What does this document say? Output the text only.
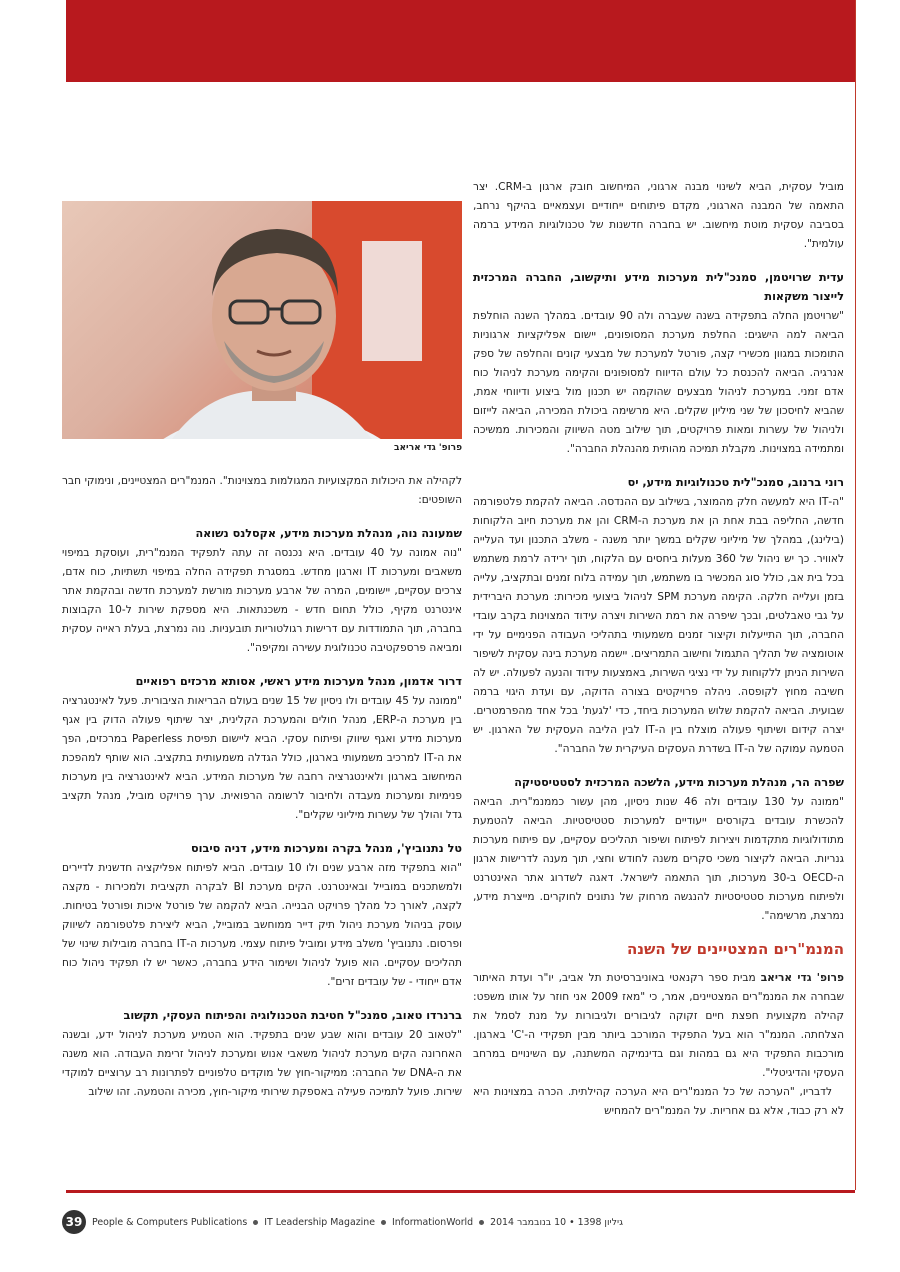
מוביל עסקית, הביא לשינוי מבנה ארגוני, המיחשוב חובק ארגון ב-CRM. יצר התאמה של המבנה הארגוני, מקדם פיתוחים ייחודיים ועצמאיים בהיקף נרחב, בסביבה עסקית מוטת מיחשוב. יש בחברה חדשנות של טכנולוגיות המידע ברמה עולמית".

עדית שרויטמן, סמנכ"לית מערכות מידע ותיקשוב, החברה המרכזית לייצור משקאות
"שרויטמן החלה בתפקידה בשנה שעברה ולה 90 עובדים. במהלך השנה הוחלפת הביאה למה הישגים: החלפת מערכת המסופונים, יישום אפליקציות ארגוניות התומכות במגוון מכשירי קצה, פורטל למערכת של מבצעי קונים והחלפה של ספק אנרגיה. הביאה להכנסת כל עולם הדיווח למסופונים והקימה מערכת לניהול כוח אדם זמני. במערכת לניהול מבצעים שהוקמה יש תכנון מול ביצוע ודיווחי אמת, שהביא לחיסכון של שני מיליון שקלים. היא מרשימה ביכולת המכירה, הביאה לייזום ולניהול של עשרות ומאות פרויקטים, תוך שילוב מטה השיווק והמכירות. ממשיכה ומתמידה במצוינות. מקבלת תמיכה מהותית מהנהלת החברה".

רוני ברנוב, סמנכ"לית טכנולוגיות מידע, יס
"ה-IT היא למעשה חלק מהמוצר, בשילוב עם ההנדסה. הביאה להקמת פלטפורמה חדשה, החליפה בבת אחת הן את מערכת ה-CRM והן את מערכת חיוב הלקוחות (בילינג), במהלך של מיליוני שקלים במשך יותר משנה - משלב התכנון ועד העלייה לאוויר. כך יש ניהול של 360 מעלות ביחסים עם הלקוח, תוך ירידה לרמת משתמש בכל בית אב, כולל סוג המכשיר בו משתמש, תוך עמידה בלוח זמנים ובתקציב, עלייה בזמן ועלייה חלקה. הקימה מערכת SPM לניהול ביצועי מכירות: מערכת היברידית על גבי טאבלטים, ובכך שיפרה את רמת השירות ויצרה עידוד המצוינות בקרב עובדי החברה, תוך התייעלות וקיצור זמנים משמעותי בתהליכי העבודה הפנימיים על ידי אוטומציה של תהליך התגמול וחישוב התמריצים. יישמה מערכת בינה עסקית לשיפור השירות הניתן ללקוחות על ידי נציגי השירות, באמצעות עידוד והנעה לפעולה. יש לה חשיבה מחוץ לקופסה. ניהלה פרויקטים בצורה הדוקה, עם ועדת היגוי ברמה שבועית. הביאה להקמת שלוש המערכות ביחד, כדי 'לגעת' בכל אחד מהפרמטרים. יצרה קידום ושיתוף פעולה מוצלח בין ה-IT לבין הליבה העסקית של הארגון. יש הטמעה עמוקה של ה-IT בשדרת העסקים העיקרית של החברה".

שפרה הר, מנהלת מערכות מידע, הלשכה המרכזית לסטטיסטיקה
"ממונה על 130 עובדים ולה 46 שנות ניסיון, מהן עשור כממנמ"רית. הביאה להכשרת עובדים בקורסים ייעודיים למערכות סטטיסטיות. הביאה להטמעת מתודולוגיות מתקדמות ויצירות לפיתוח ושיפור תהליכים עסקיים, עם פיתוח מערכות גנריות. הביאה לקיצור משכי סקרים משנה לחודש וחצי, תוך מענה לדרישות ארגון ה-OECD ב-30 מערכות, תוך התאמה לישראל. דאגה לשדרוג אתר האינטרנט ולפיתוח מערכות סטטיסטיות להנגשה מרחוק של נתונים לחוקרים. מייצרת מידע, נמרצת, מרשימה".

המנמ"רים המצטיינים של השנה

פרופ' גדי אריאב מבית ספר רקנאטי באוניברסיטת תל אביב, יו"ר ועדת האיתור שבחרה את המנמ"רים המצטיינים, אמר, כי "מאז 2009 אני חוזר על אותו משפט: קהילה מקצועית חפצת חיים זקוקה לגיבורים ולגיבורות על מנת לסמל את הצלחתה. המנמ"ר הוא בעל התפקיד המורכב ביותר מבין תפקידי ה-'C' בארגון. מורכבות התפקיד היא גם במהות וגם בדינמיקה המשתנה, עם השינויים במרחב העסקי והדיגיטלי".

לדבריו, "הערכה של כל המנמ"רים היא הערכה קהילתית. הכרה במצוינות היא לא רק כבוד, אלא גם אחריות. על המנמ"רים להמחיש

פרופ' גדי אריאב

לקהילה את היכולות המקצועיות המגולמות במצוינות". המנמ"רים המצטיינים, ונימוקי חבר השופטים:

שמעונה נוה, מנהלת מערכות מידע, אקסלנס נשואה
"נוה אמונה על 40 עובדים. היא נכנסה זה עתה לתפקיד המנמ"רית, ועוסקת במיפוי משאבים ומערכות IT וארגון מחדש. במסגרת תפקידה החלה במיפוי תשתיות, כוח אדם, צרכים עסקיים, יישומים, המרה של ארבע מערכות מורשת למערכת חדשה ובהקמת אתר אינטרנט מקיף, כולל תחום חדש - משכנתאות. היא מספקת שירות ל-10 הקבוצות בחברה, תוך התמודדות עם דרישות רגולטוריות תובעניות. נוה נמרצת, בעלת ראייה עסקית ומביאה פרספקטיבה טכנולוגית עשירה ומקיפה".

דרור אדמון, מנהל מערכות מידע ראשי, אסותא מרכזים רפואיים
"ממונה על 45 עובדים ולו ניסיון של 15 שנים בעולם הבריאות הציבורית. פעל לאינטגרציה בין מערכת ה-ERP, מנהל חולים והמערכת הקלינית, יצר שיתוף פעולה הדוק בין אגף מערכות מידע ואגף שיווק ופיתוח עסקי. הביא ליישום תפיסת Paperless במרכזים, הפך את ה-IT למרכיב משמעותי בארגון, כולל הגדלה משמעותית בתקציב. הוא שותף למהפכת המיחשוב בארגון ולאינטגרציה רחבה של מערכות המידע. הביא לאינטגרציה בין מערכות פנימיות ומערכות מעבדה ולחיבור לרשומה הרפואית. ערך פרויקט מוביל, מנהל תקציב גדל והולך של עשרות מיליוני שקלים".

טל נתנוביץ', מנהל בקרה ומערכות מידע, דניה סיבוס
"הוא בתפקיד מזה ארבע שנים ולו 10 עובדים. הביא לפיתוח אפליקציה חדשנית לדיירים ולמשתכנים במובייל ובאינטרנט. הקים מערכת BI לבקרה תקציבית ולמכירות - מקצה לקצה, לאורך כל מהלך פרויקט הבנייה. הביא להקמה של פורטל איכות ופורטל בטיחות. עוסק בניהול מערכת ניהול תיק דייר ממוחשב במובייל, הביא ליצירת פלטפורמה לשיווק ופרסום. נתנוביץ' משלב מידע ומוביל פיתוח עצמי. מערכות ה-IT בחברה מובילות שינוי של תהליכים עסקיים. הוא פועל לניהול ושימור הידע בחברה, כאשר יש לו תפקיד ניהול כוח אדם ייחודי - של עובדים זרים".

ברנרדו טאוב, סמנכ"ל חטיבת הטכנולוגיה והפיתוח העסקי, תקשוב
"לטאוב 20 עובדים והוא שבע שנים בתפקיד. הוא הטמיע מערכת לניהול ידע, ובשנה האחרונה הקים מערכת לניהול משאבי אנוש ומערכת לניהול זרימת העבודה. הוא משנה את ה-DNA של החברה: ממיקור-חוץ של מוקדים טלפוניים לפתרונות רב ערוציים למוקדי שירות. פועל לתמיכה פעילה באספקת שירותי מיקור-חוץ, מכירה והטמעה. זהו שילוב

39	People & Computers Publications IT Leadership Magazine InformationWorld גיליון 1398 • 10 בנובמבר 2014
